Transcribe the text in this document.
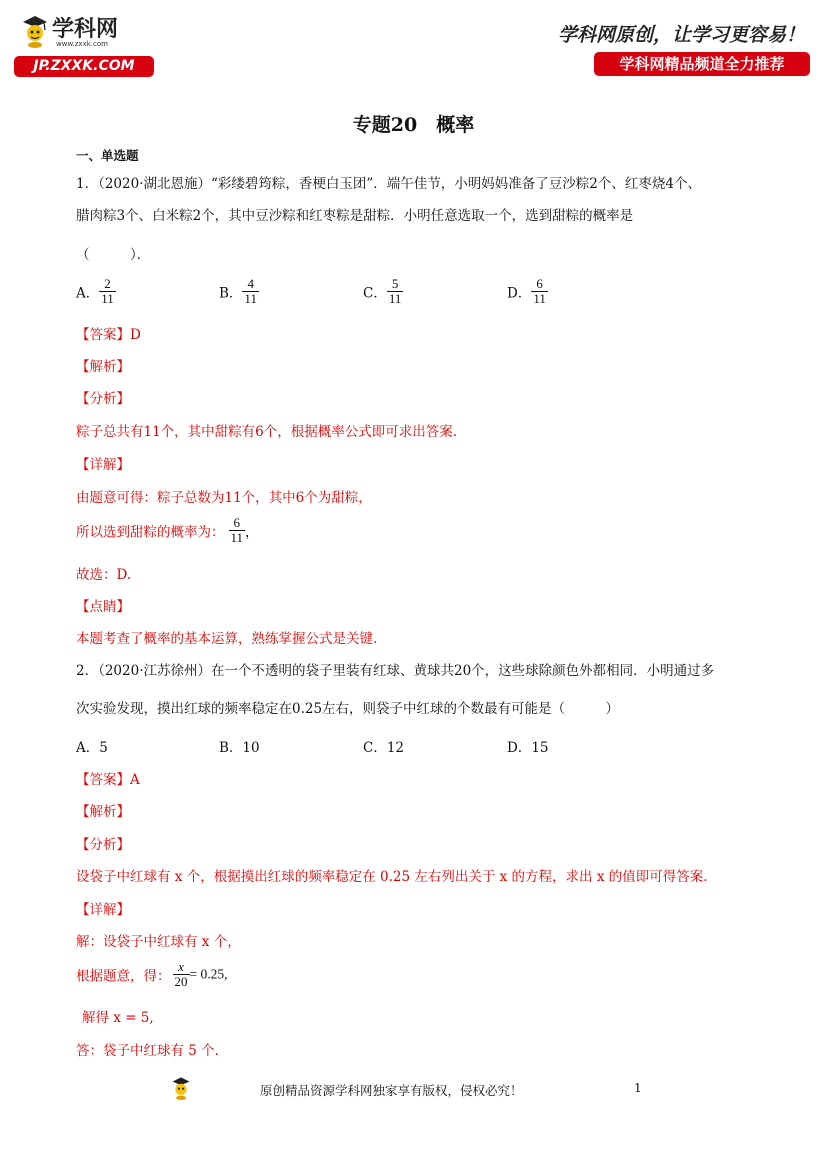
学科网
www.zxxk.com
JP.ZXXK.COM
学科网原创，让学习更容易！
学科网精品频道全力推荐
专题20　概率
一、单选题
1．（2020·湖北恩施）“彩缕碧筠粽，香梗白玉团”．端午佳节，小明妈妈准备了豆沙粽2个、红枣烧4个、
腊肉粽3个、白米粽2个，其中豆沙粽和红枣粽是甜粽．小明任意选取一个，选到甜粽的概率是
（　　　）．
A． $\frac{2}{11}$	B． $\frac{4}{11}$	C． $\frac{5}{11}$	D． $\frac{6}{11}$
【答案】D
【解析】
【分析】
粽子总共有11个，其中甜粽有6个，根据概率公式即可求出答案.
【详解】
由题意可得：粽子总数为11个，其中6个为甜粽，
所以选到甜粽的概率为： $\frac{6}{11}$ ，
故选：D.
【点睛】
本题考查了概率的基本运算，熟练掌握公式是关键.
2．（2020·江苏徐州）在一个不透明的袋子里装有红球、黄球共20个，这些球除颜色外都相同．小明通过多
次实验发现，摸出红球的频率稳定在0.25左右，则袋子中红球的个数最有可能是（　　　）
A．5	B．10	C．12	D．15
【答案】A
【解析】
【分析】
设袋子中红球有 x 个，根据摸出红球的频率稳定在 0.25 左右列出关于 x 的方程，求出 x 的值即可得答案.
【详解】
解：设袋子中红球有 x 个，
根据题意，得： $\frac{x}{20} = 0.25$,
解得 x = 5,
答：袋子中红球有 5 个.
原创精品资源学科网独家享有版权，侵权必究！	1
